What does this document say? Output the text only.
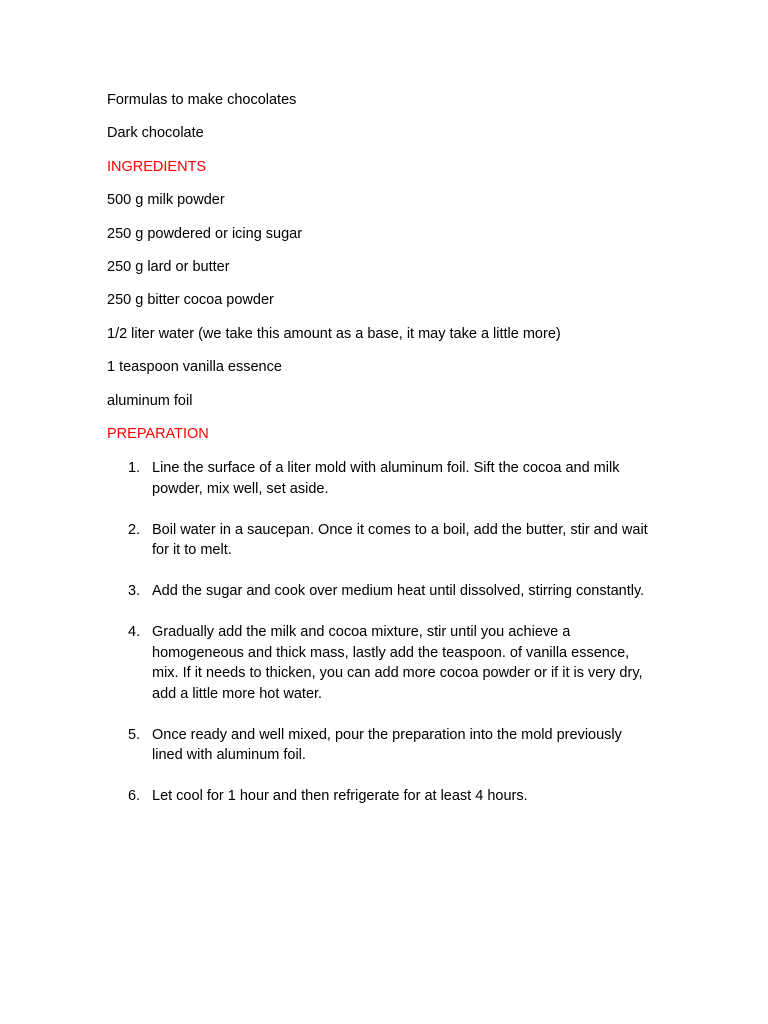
Formulas to make chocolates
Dark chocolate
INGREDIENTS
500 g milk powder
250 g powdered or icing sugar
250 g lard or butter
250 g bitter cocoa powder
1/2 liter water (we take this amount as a base, it may take a little more)
1 teaspoon vanilla essence
aluminum foil
PREPARATION
1. Line the surface of a liter mold with aluminum foil. Sift the cocoa and milk powder, mix well, set aside.
2. Boil water in a saucepan. Once it comes to a boil, add the butter, stir and wait for it to melt.
3. Add the sugar and cook over medium heat until dissolved, stirring constantly.
4. Gradually add the milk and cocoa mixture, stir until you achieve a homogeneous and thick mass, lastly add the teaspoon. of vanilla essence, mix. If it needs to thicken, you can add more cocoa powder or if it is very dry, add a little more hot water.
5. Once ready and well mixed, pour the preparation into the mold previously lined with aluminum foil.
6. Let cool for 1 hour and then refrigerate for at least 4 hours.
